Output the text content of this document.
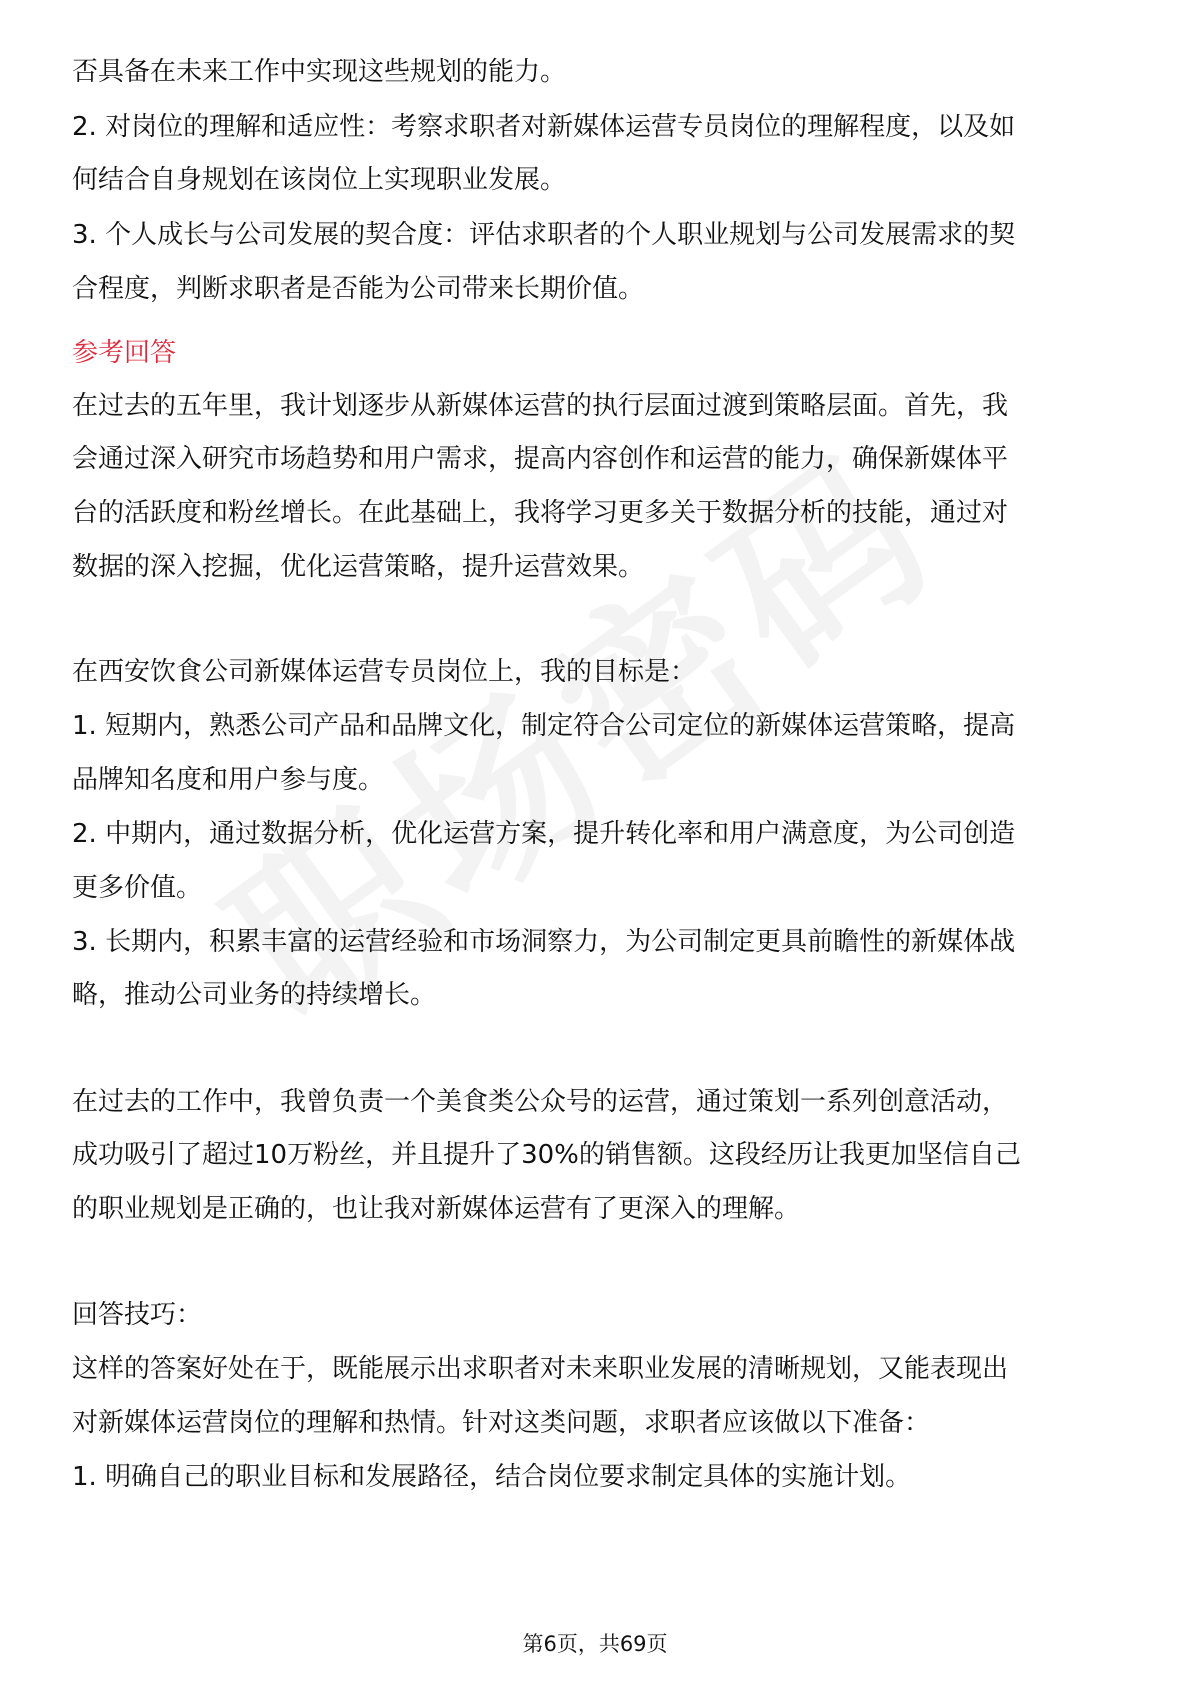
否具备在未来工作中实现这些规划的能力。
2. 对岗位的理解和适应性：考察求职者对新媒体运营专员岗位的理解程度，以及如
何结合自身规划在该岗位上实现职业发展。
3. 个人成长与公司发展的契合度：评估求职者的个人职业规划与公司发展需求的契
合程度，判断求职者是否能为公司带来长期价值。
参考回答
在过去的五年里，我计划逐步从新媒体运营的执行层面过渡到策略层面。首先，我
会通过深入研究市场趋势和用户需求，提高内容创作和运营的能力，确保新媒体平
台的活跃度和粉丝增长。在此基础上，我将学习更多关于数据分析的技能，通过对
数据的深入挖掘，优化运营策略，提升运营效果。
在西安饮食公司新媒体运营专员岗位上，我的目标是：
1. 短期内，熟悉公司产品和品牌文化，制定符合公司定位的新媒体运营策略，提高
品牌知名度和用户参与度。
2. 中期内，通过数据分析，优化运营方案，提升转化率和用户满意度，为公司创造
更多价值。
3. 长期内，积累丰富的运营经验和市场洞察力，为公司制定更具前瞻性的新媒体战
略，推动公司业务的持续增长。
在过去的工作中，我曾负责一个美食类公众号的运营，通过策划一系列创意活动，
成功吸引了超过10万粉丝，并且提升了30%的销售额。这段经历让我更加坚信自己
的职业规划是正确的，也让我对新媒体运营有了更深入的理解。
回答技巧：
这样的答案好处在于，既能展示出求职者对未来职业发展的清晰规划，又能表现出
对新媒体运营岗位的理解和热情。针对这类问题，求职者应该做以下准备：
1. 明确自己的职业目标和发展路径，结合岗位要求制定具体的实施计划。
第6页，共69页
